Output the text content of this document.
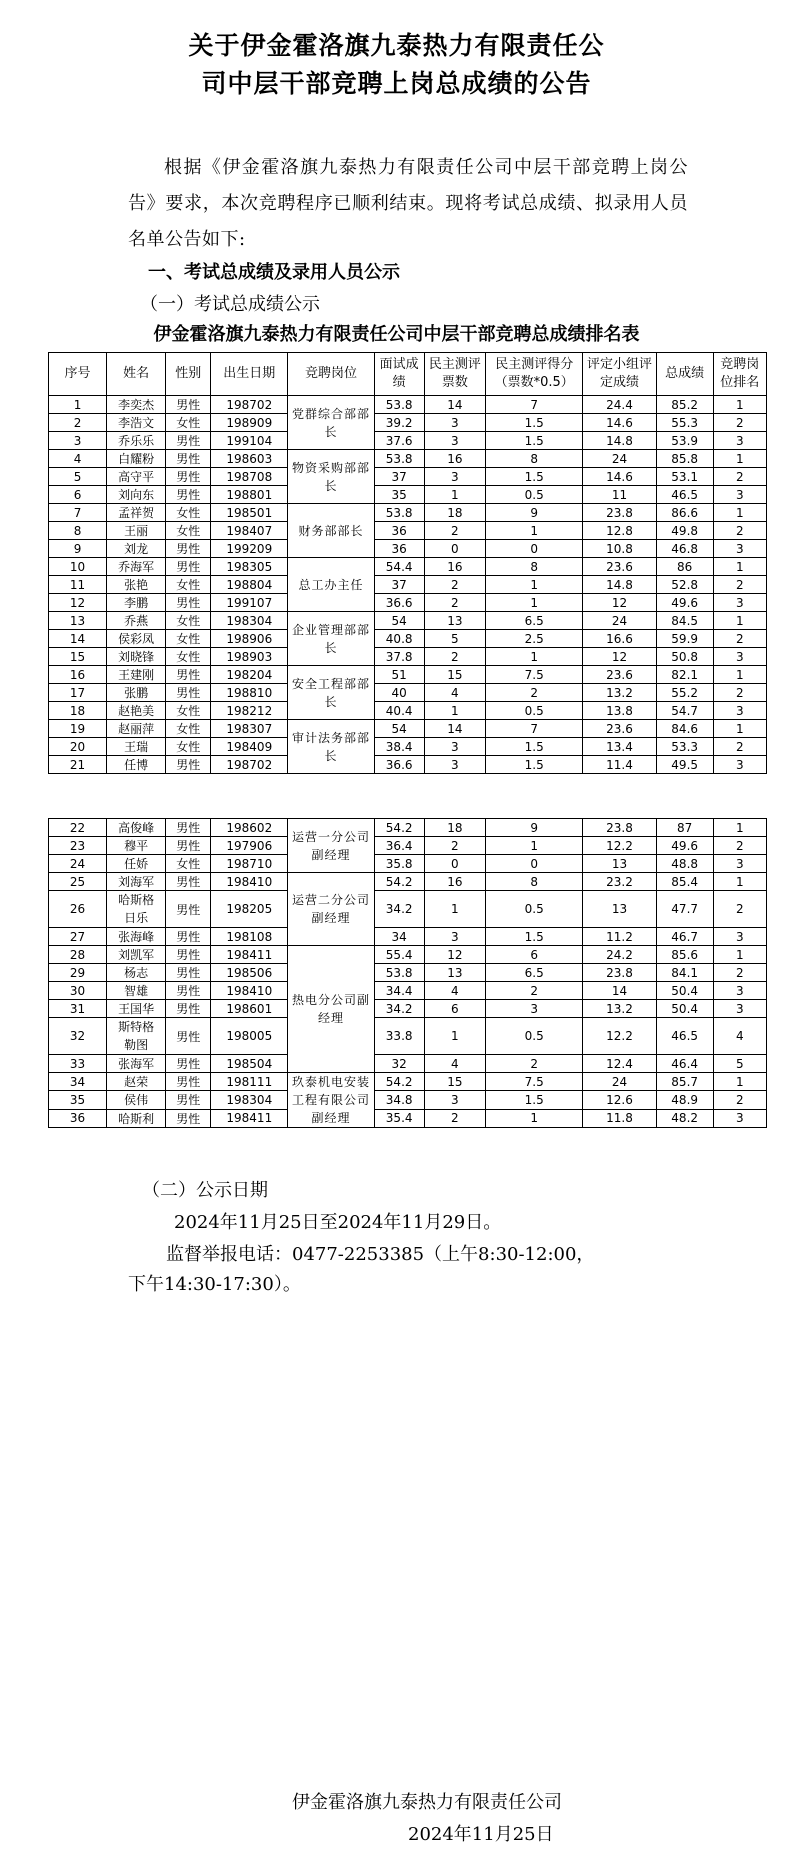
关于伊金霍洛旗九泰热力有限责任公
司中层干部竞聘上岗总成绩的公告
根据《伊金霍洛旗九泰热力有限责任公司中层干部竞聘上岗公告》要求，本次竞聘程序已顺利结束。现将考试总成绩、拟录用人员名单公告如下:
一、考试总成绩及录用人员公示
（一）考试总成绩公示
伊金霍洛旗九泰热力有限责任公司中层干部竞聘总成绩排名表
序号	姓名	性别	出生日期	竞聘岗位	面试成绩	民主测评票数	民主测评得分（票数*0.5）	评定小组评定成绩	总成绩	竞聘岗位排名
1	李奕杰	男性	198702	党群综合部部长	53.8	14	7	24.4	85.2	1
2	李浩文	女性	198909		39.2	3	1.5	14.6	55.3	2
3	乔乐乐	男性	199104		37.6	3	1.5	14.8	53.9	3
4	白耀粉	男性	198603	物资采购部部长	53.8	16	8	24	85.8	1
5	高守平	男性	198708		37	3	1.5	14.6	53.1	2
6	刘向东	男性	198801		35	1	0.5	11	46.5	3
7	孟祥贺	女性	198501	财务部部长	53.8	18	9	23.8	86.6	1
8	王丽	女性	198407		36	2	1	12.8	49.8	2
9	刘龙	男性	199209		36	0	0	10.8	46.8	3
10	乔海军	男性	198305	总工办主任	54.4	16	8	23.6	86	1
11	张艳	女性	198804		37	2	1	14.8	52.8	2
12	李鹏	男性	199107		36.6	2	1	12	49.6	3
13	乔燕	女性	198304	企业管理部部长	54	13	6.5	24	84.5	1
14	侯彩凤	女性	198906		40.8	5	2.5	16.6	59.9	2
15	刘晓锋	女性	198903		37.8	2	1	12	50.8	3
16	王建刚	男性	198204	安全工程部部长	51	15	7.5	23.6	82.1	1
17	张鹏	男性	198810		40	4	2	13.2	55.2	2
18	赵艳美	女性	198212		40.4	1	0.5	13.8	54.7	3
19	赵丽萍	女性	198307	审计法务部部长	54	14	7	23.6	84.6	1
20	王瑞	女性	198409		38.4	3	1.5	13.4	53.3	2
21	任博	男性	198702		36.6	3	1.5	11.4	49.5	3
22	高俊峰	男性	198602	运营一分公司副经理	54.2	18	9	23.8	87	1
23	穆平	男性	197906		36.4	2	1	12.2	49.6	2
24	任娇	女性	198710		35.8	0	0	13	48.8	3
25	刘海军	男性	198410	运营二分公司副经理	54.2	16	8	23.2	85.4	1
26	哈斯格日乐	男性	198205		34.2	1	0.5	13	47.7	2
27	张海峰	男性	198108		34	3	1.5	11.2	46.7	3
28	刘凯军	男性	198411	热电分公司副经理	55.4	12	6	24.2	85.6	1
29	杨志	男性	198506		53.8	13	6.5	23.8	84.1	2
30	智雄	男性	198410		34.4	4	2	14	50.4	3
31	王国华	男性	198601		34.2	6	3	13.2	50.4	3
32	斯特格勒图	男性	198005		33.8	1	0.5	12.2	46.5	4
33	张海军	男性	198504		32	4	2	12.4	46.4	5
34	赵荣	男性	198111	玖泰机电安装工程有限公司副经理	54.2	15	7.5	24	85.7	1
35	侯伟	男性	198304		34.8	3	1.5	12.6	48.9	2
36	哈斯利	男性	198411		35.4	2	1	11.8	48.2	3
（二）公示日期
2024年11月25日至2024年11月29日。
监督举报电话：0477-2253385（上午8:30-12:00，
下午14:30-17:30）。
伊金霍洛旗九泰热力有限责任公司
2024年11月25日
